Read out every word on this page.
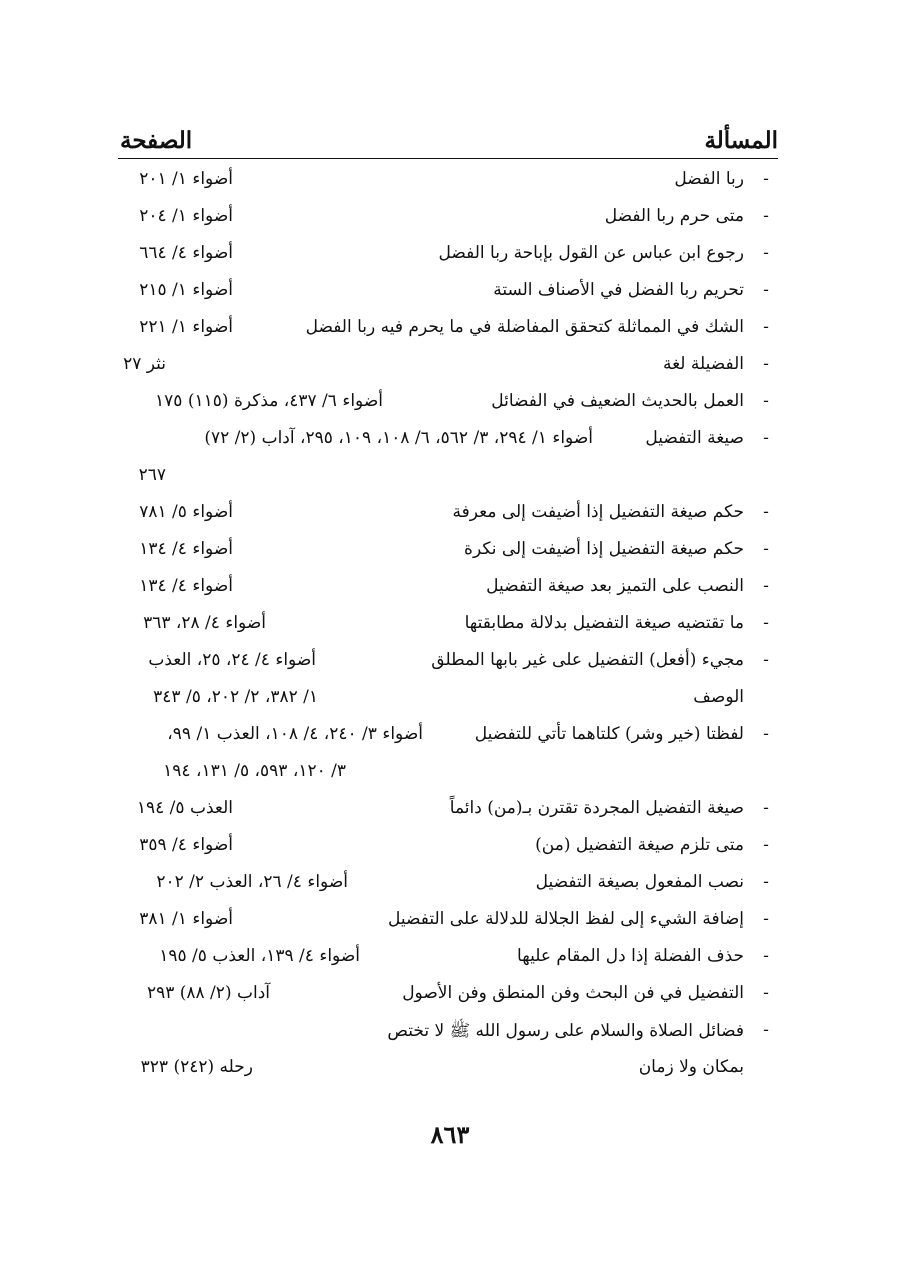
المسألة
الصفحة
-
ربا الفضل
أضواء ١/ ٢٠١
-
متى حرم ربا الفضل
أضواء ١/ ٢٠٤
-
رجوع ابن عباس عن القول بإباحة ربا الفضل
أضواء ٤/ ٦٦٤
-
تحريم ربا الفضل في الأصناف الستة
أضواء ١/ ٢١٥
-
الشك في المماثلة كتحقق المفاضلة في ما يحرم فيه ربا الفضل
أضواء ١/ ٢٢١
-
الفضيلة لغة
نثر ٢٧
-
العمل بالحديث الضعيف في الفضائل
أضواء ٦/ ٤٣٧، مذكرة (١١٥) ١٧٥
-
صيغة التفضيل
أضواء ١/ ٢٩٤، ٣/ ٥٦٢، ٦/ ١٠٨، ١٠٩، ٢٩٥، آداب (٢/ ٧٢)
٢٦٧
-
حكم صيغة التفضيل إذا أضيفت إلى معرفة
أضواء ٥/ ٧٨١
-
حكم صيغة التفضيل إذا أضيفت إلى نكرة
أضواء ٤/ ١٣٤
-
النصب على التميز بعد صيغة التفضيل
أضواء ٤/ ١٣٤
-
ما تقتضيه صيغة التفضيل بدلالة مطابقتها
أضواء ٤/ ٢٨، ٣٦٣
-
مجيء (أفعل) التفضيل على غير بابها المطلق
أضواء ٤/ ٢٤، ٢٥، العذب
الوصف
١/ ٣٨٢، ٢/ ٢٠٢، ٥/ ٣٤٣
-
لفظتا (خير وشر) كلتاهما تأتي للتفضيل
أضواء ٣/ ٢٤٠، ٤/ ١٠٨، العذب ١/ ٩٩،
٣/ ١٢٠، ٥٩٣، ٥/ ١٣١، ١٩٤
-
صيغة التفضيل المجردة تقترن بـ(من) دائماً
العذب ٥/ ١٩٤
-
متى تلزم صيغة التفضيل (من)
أضواء ٤/ ٣٥٩
-
نصب المفعول بصيغة التفضيل
أضواء ٤/ ٢٦، العذب ٢/ ٢٠٢
-
إضافة الشيء إلى لفظ الجلالة للدلالة على التفضيل
أضواء ١/ ٣٨١
-
حذف الفضلة إذا دل المقام عليها
أضواء ٤/ ١٣٩، العذب ٥/ ١٩٥
-
التفضيل في فن البحث وفن المنطق وفن الأصول
آداب (٢/ ٨٨) ٢٩٣
-
فضائل الصلاة والسلام على رسول الله ﷺ لا تختص
بمكان ولا زمان
رحله (٢٤٢) ٣٢٣
٨٦٣
